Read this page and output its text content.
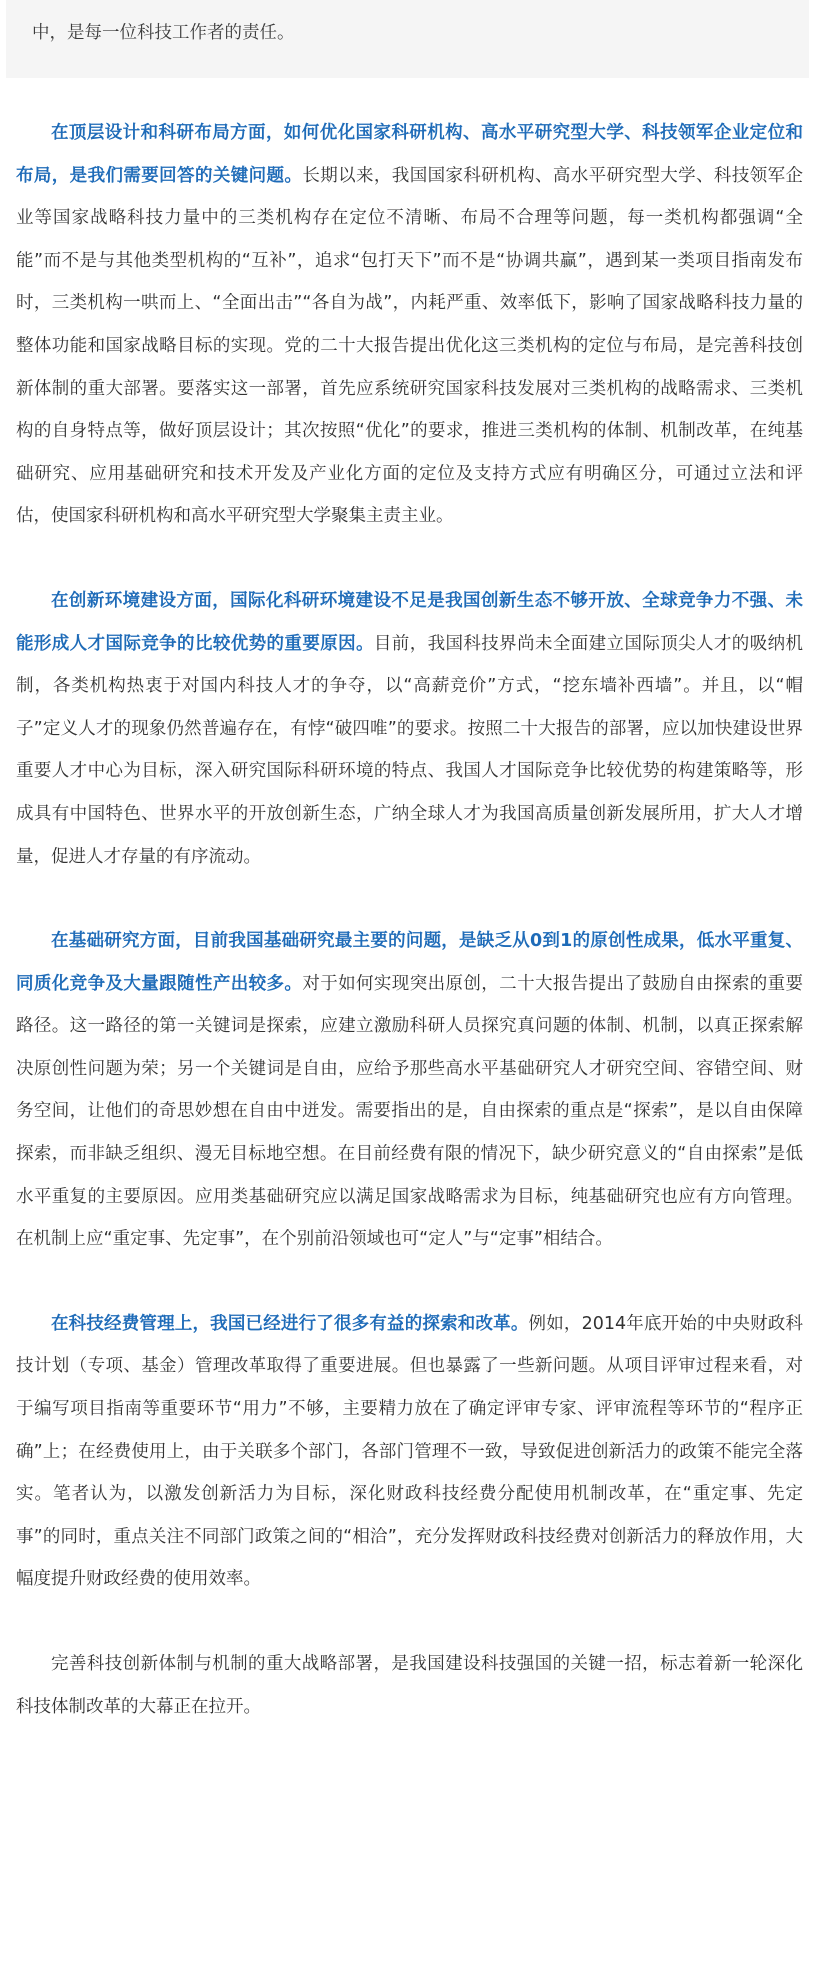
中，是每一位科技工作者的责任。

在顶层设计和科研布局方面，如何优化国家科研机构、高水平研究型大学、科技领军企业定位和布局，是我们需要回答的关键问题。长期以来，我国国家科研机构、高水平研究型大学、科技领军企业等国家战略科技力量中的三类机构存在定位不清晰、布局不合理等问题，每一类机构都强调“全能”而不是与其他类型机构的“互补”，追求“包打天下”而不是“协调共赢”，遇到某一类项目指南发布时，三类机构一哄而上、“全面出击”“各自为战”，内耗严重、效率低下，影响了国家战略科技力量的整体功能和国家战略目标的实现。党的二十大报告提出优化这三类机构的定位与布局，是完善科技创新体制的重大部署。要落实这一部署，首先应系统研究国家科技发展对三类机构的战略需求、三类机构的自身特点等，做好顶层设计；其次按照“优化”的要求，推进三类机构的体制、机制改革，在纯基础研究、应用基础研究和技术开发及产业化方面的定位及支持方式应有明确区分，可通过立法和评估，使国家科研机构和高水平研究型大学聚集主责主业。

在创新环境建设方面，国际化科研环境建设不足是我国创新生态不够开放、全球竞争力不强、未能形成人才国际竞争的比较优势的重要原因。目前，我国科技界尚未全面建立国际顶尖人才的吸纳机制，各类机构热衷于对国内科技人才的争夺，以“高薪竞价”方式，“挖东墙补西墙”。并且，以“帽子”定义人才的现象仍然普遍存在，有悖“破四唯”的要求。按照二十大报告的部署，应以加快建设世界重要人才中心为目标，深入研究国际科研环境的特点、我国人才国际竞争比较优势的构建策略等，形成具有中国特色、世界水平的开放创新生态，广纳全球人才为我国高质量创新发展所用，扩大人才增量，促进人才存量的有序流动。

在基础研究方面，目前我国基础研究最主要的问题，是缺乏从0到1的原创性成果，低水平重复、同质化竞争及大量跟随性产出较多。对于如何实现突出原创，二十大报告提出了鼓励自由探索的重要路径。这一路径的第一关键词是探索，应建立激励科研人员探究真问题的体制、机制，以真正探索解决原创性问题为荣；另一个关键词是自由，应给予那些高水平基础研究人才研究空间、容错空间、财务空间，让他们的奇思妙想在自由中迸发。需要指出的是，自由探索的重点是“探索”，是以自由保障探索，而非缺乏组织、漫无目标地空想。在目前经费有限的情况下，缺少研究意义的“自由探索”是低水平重复的主要原因。应用类基础研究应以满足国家战略需求为目标，纯基础研究也应有方向管理。在机制上应“重定事、先定事”，在个别前沿领域也可“定人”与“定事”相结合。

在科技经费管理上，我国已经进行了很多有益的探索和改革。例如，2014年底开始的中央财政科技计划（专项、基金）管理改革取得了重要进展。但也暴露了一些新问题。从项目评审过程来看，对于编写项目指南等重要环节“用力”不够，主要精力放在了确定评审专家、评审流程等环节的“程序正确”上；在经费使用上，由于关联多个部门，各部门管理不一致，导致促进创新活力的政策不能完全落实。笔者认为，以激发创新活力为目标，深化财政科技经费分配使用机制改革，在“重定事、先定事”的同时，重点关注不同部门政策之间的“相洽”，充分发挥财政科技经费对创新活力的释放作用，大幅度提升财政经费的使用效率。

完善科技创新体制与机制的重大战略部署，是我国建设科技强国的关键一招，标志着新一轮深化科技体制改革的大幕正在拉开。
